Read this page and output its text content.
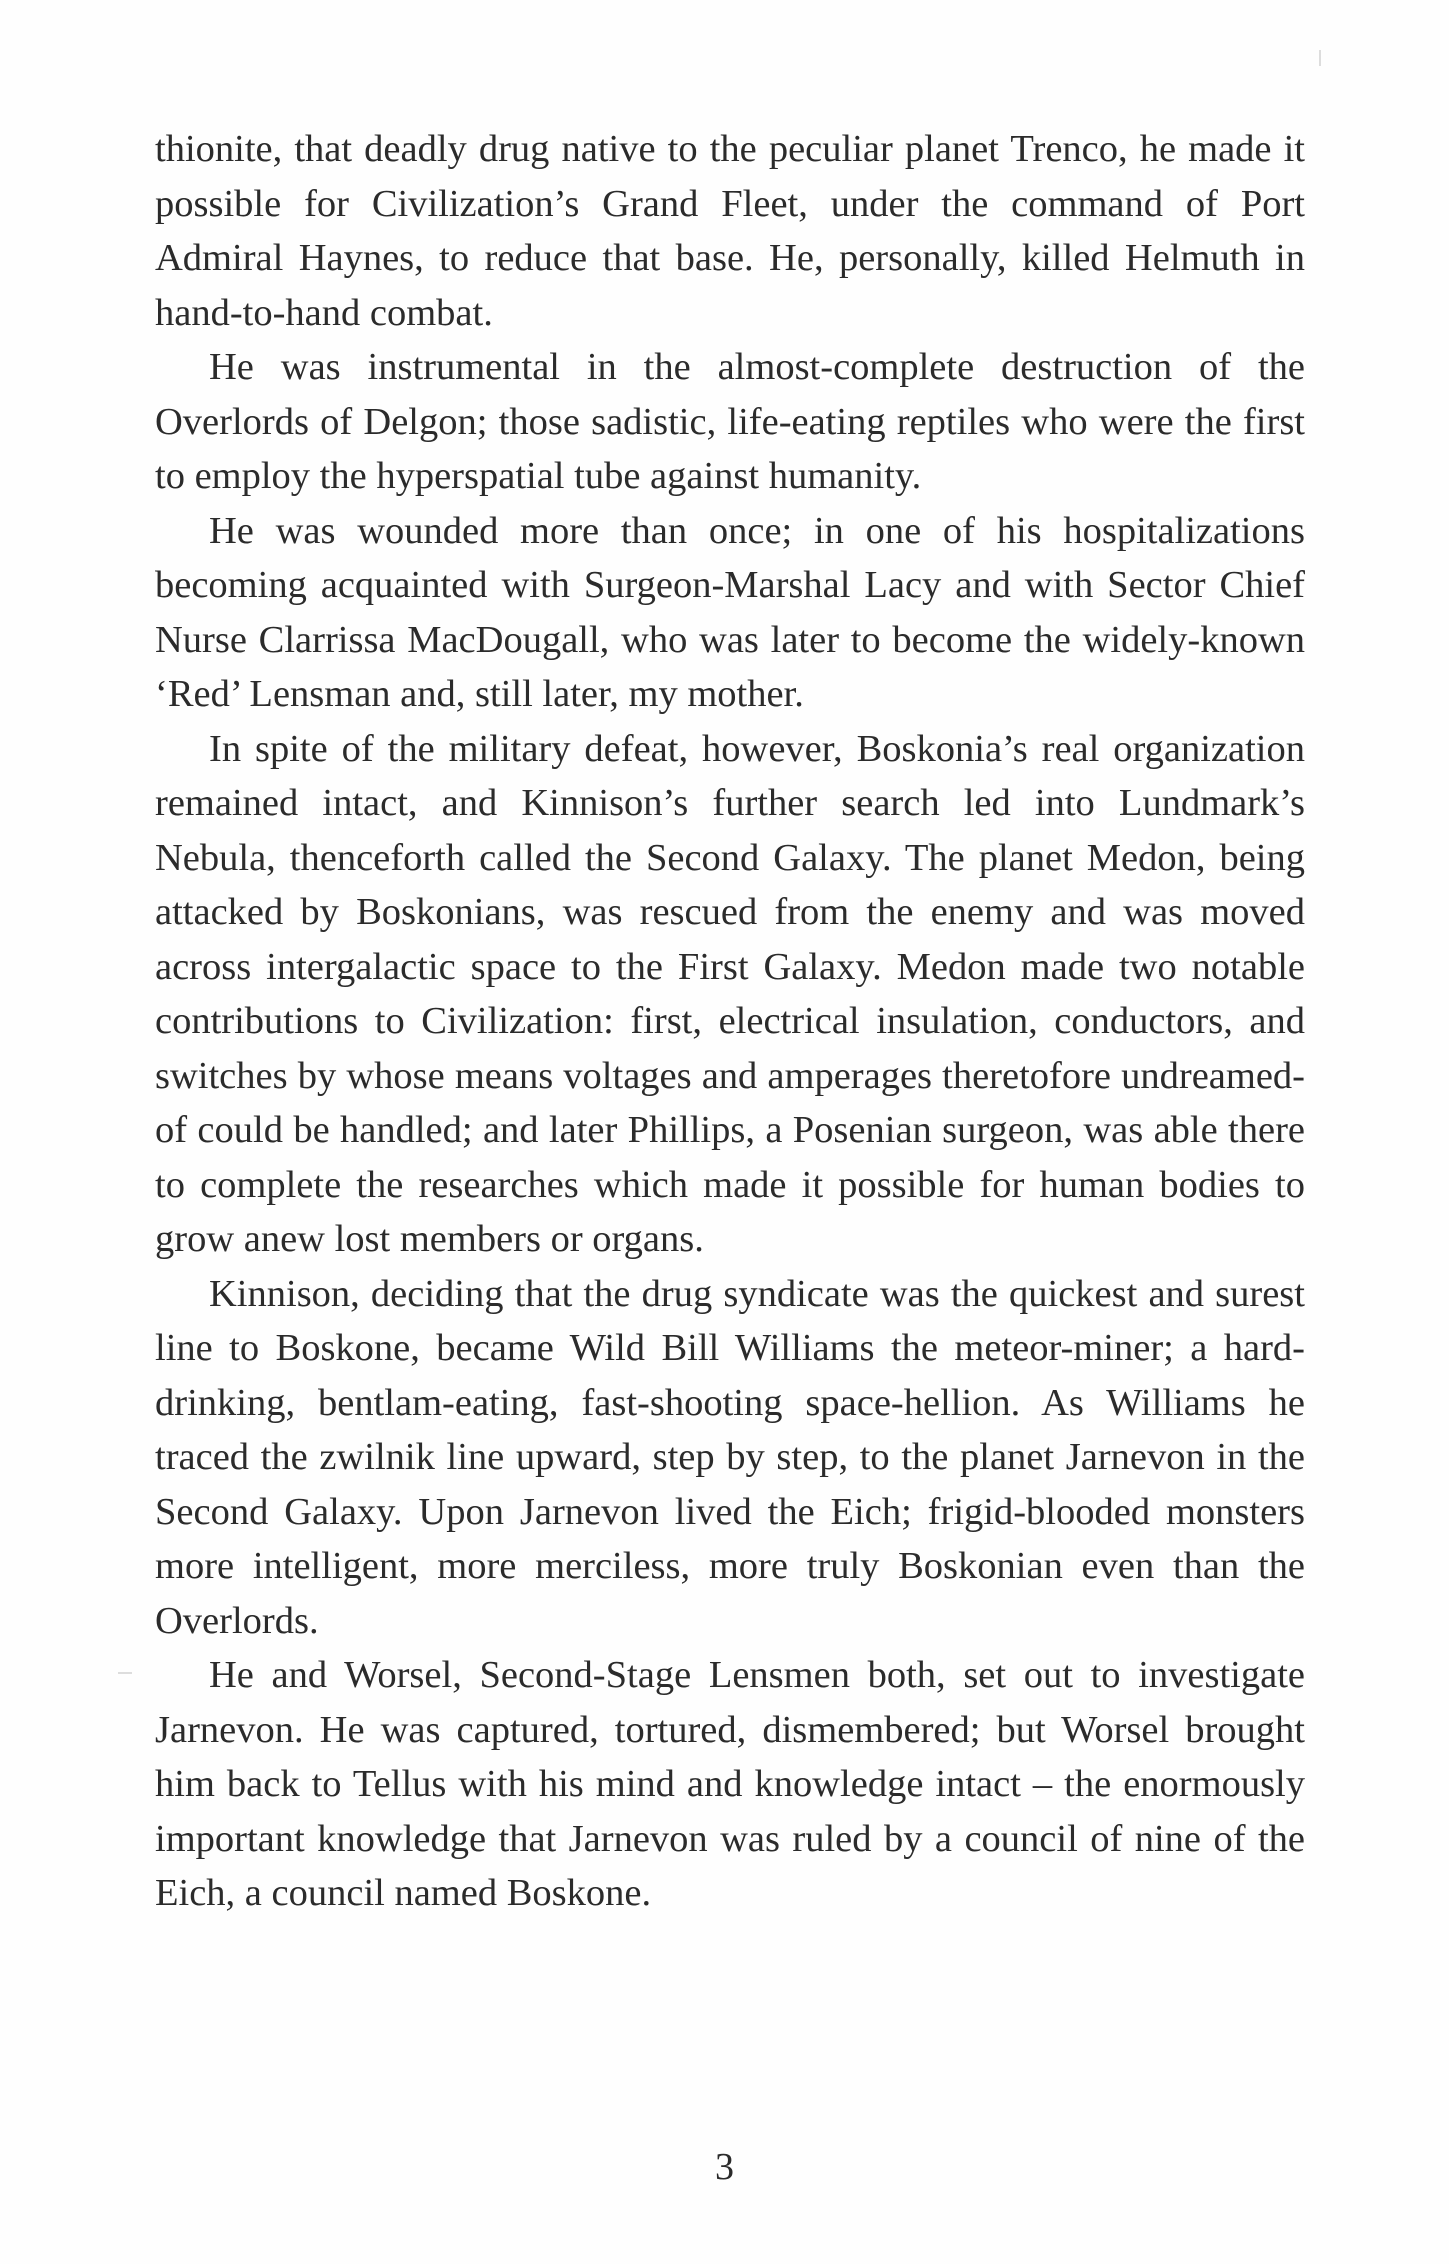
thionite, that deadly drug native to the peculiar planet Trenco, he made it possible for Civilization’s Grand Fleet, under the command of Port Admiral Haynes, to reduce that base. He, personally, killed Helmuth in hand-to-hand combat.

He was instrumental in the almost-complete destruction of the Overlords of Delgon; those sadistic, life-eating reptiles who were the first to employ the hyperspatial tube against humanity.

He was wounded more than once; in one of his hospitalizations becoming acquainted with Surgeon-Marshal Lacy and with Sector Chief Nurse Clarrissa MacDougall, who was later to become the widely-known ‘Red’ Lensman and, still later, my mother.

In spite of the military defeat, however, Boskonia’s real organization remained intact, and Kinnison’s further search led into Lundmark’s Nebula, thenceforth called the Second Galaxy. The planet Medon, being attacked by Boskonians, was rescued from the enemy and was moved across intergalactic space to the First Galaxy. Medon made two notable contributions to Civilization: first, electrical insulation, conductors, and switches by whose means voltages and amperages theretofore undreamed-of could be handled; and later Phillips, a Posenian surgeon, was able there to complete the researches which made it possible for human bodies to grow anew lost members or organs.

Kinnison, deciding that the drug syndicate was the quickest and surest line to Boskone, became Wild Bill Williams the meteor-miner; a hard-drinking, bentlam-eating, fast-shooting space-hellion. As Williams he traced the zwilnik line upward, step by step, to the planet Jarnevon in the Second Galaxy. Upon Jarnevon lived the Eich; frigid-blooded monsters more intelligent, more merciless, more truly Boskonian even than the Overlords.

He and Worsel, Second-Stage Lensmen both, set out to investigate Jarnevon. He was captured, tortured, dismembered; but Worsel brought him back to Tellus with his mind and knowledge intact – the enormously important knowledge that Jarnevon was ruled by a council of nine of the Eich, a council named Boskone.

3
